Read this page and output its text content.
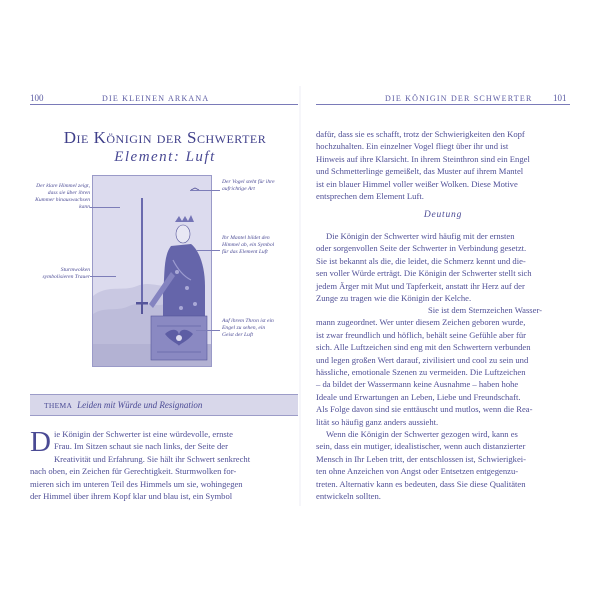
100	DIE KLEINEN ARKANA	DIE KÖNIGIN DER SCHWERTER 101
Die Königin der Schwerter
Element: Luft
Der klare Himmel zeigt, dass sie über ihren Kummer hinauswachsen kann
Sturmwolken symbolisieren Trauer
Der Vogel steht für ihre aufrichtige Art
Ihr Mantel bildet den Himmel ab, ein Symbol für das Element Luft
Auf ihrem Thron ist ein Engel zu sehen, ein Geist der Luft
THEMA Leiden mit Würde und Resignation
D ie Königin der Schwerter ist eine würdevolle, ernste
Frau. Im Sitzen schaut sie nach links, der Seite der
Kreativität und Erfahrung. Sie hält ihr Schwert senkrecht
nach oben, ein Zeichen für Gerechtigkeit. Sturmwolken for-
mieren sich im unteren Teil des Himmels um sie, wohingegen
der Himmel über ihrem Kopf klar und blau ist, ein Symbol
dafür, dass sie es schafft, trotz der Schwierigkeiten den Kopf
hochzuhalten. Ein einzelner Vogel fliegt über ihr und ist
Hinweis auf ihre Klarsicht. In ihrem Steinthron sind ein Engel
und Schmetterlinge gemeißelt, das Muster auf ihrem Mantel
ist ein blauer Himmel voller weißer Wolken. Diese Motive
entsprechen dem Element Luft.
Deutung
Die Königin der Schwerter wird häufig mit der ernsten
oder sorgenvollen Seite der Schwerter in Verbindung gesetzt.
Sie ist bekannt als die, die leidet, die Schmerz kennt und die-
sen voller Würde erträgt. Die Königin der Schwerter stellt sich
jedem Ärger mit Mut und Tapferkeit, anstatt ihr Herz auf der
Zunge zu tragen wie die Königin der Kelche.
Sie ist dem Sternzeichen Wasser-
mann zugeordnet. Wer unter diesem Zeichen geboren wurde,
ist zwar freundlich und höflich, behält seine Gefühle aber für
sich. Alle Luftzeichen sind eng mit den Schwertern verbunden
und legen großen Wert darauf, zivilisiert und cool zu sein und
hässliche, emotionale Szenen zu vermeiden. Die Luftzeichen
– da bildet der Wassermann keine Ausnahme – haben hohe
Ideale und Erwartungen an Leben, Liebe und Freundschaft.
Als Folge davon sind sie enttäuscht und mutlos, wenn die Rea-
lität so häufig ganz anders aussieht.
Wenn die Königin der Schwerter gezogen wird, kann es
sein, dass ein mutiger, idealistischer, wenn auch distanzierter
Mensch in Ihr Leben tritt, der entschlossen ist, Schwierigkei-
ten ohne Anzeichen von Angst oder Entsetzen entgegenzu-
treten. Alternativ kann es bedeuten, dass Sie diese Qualitäten
entwickeln sollten.
